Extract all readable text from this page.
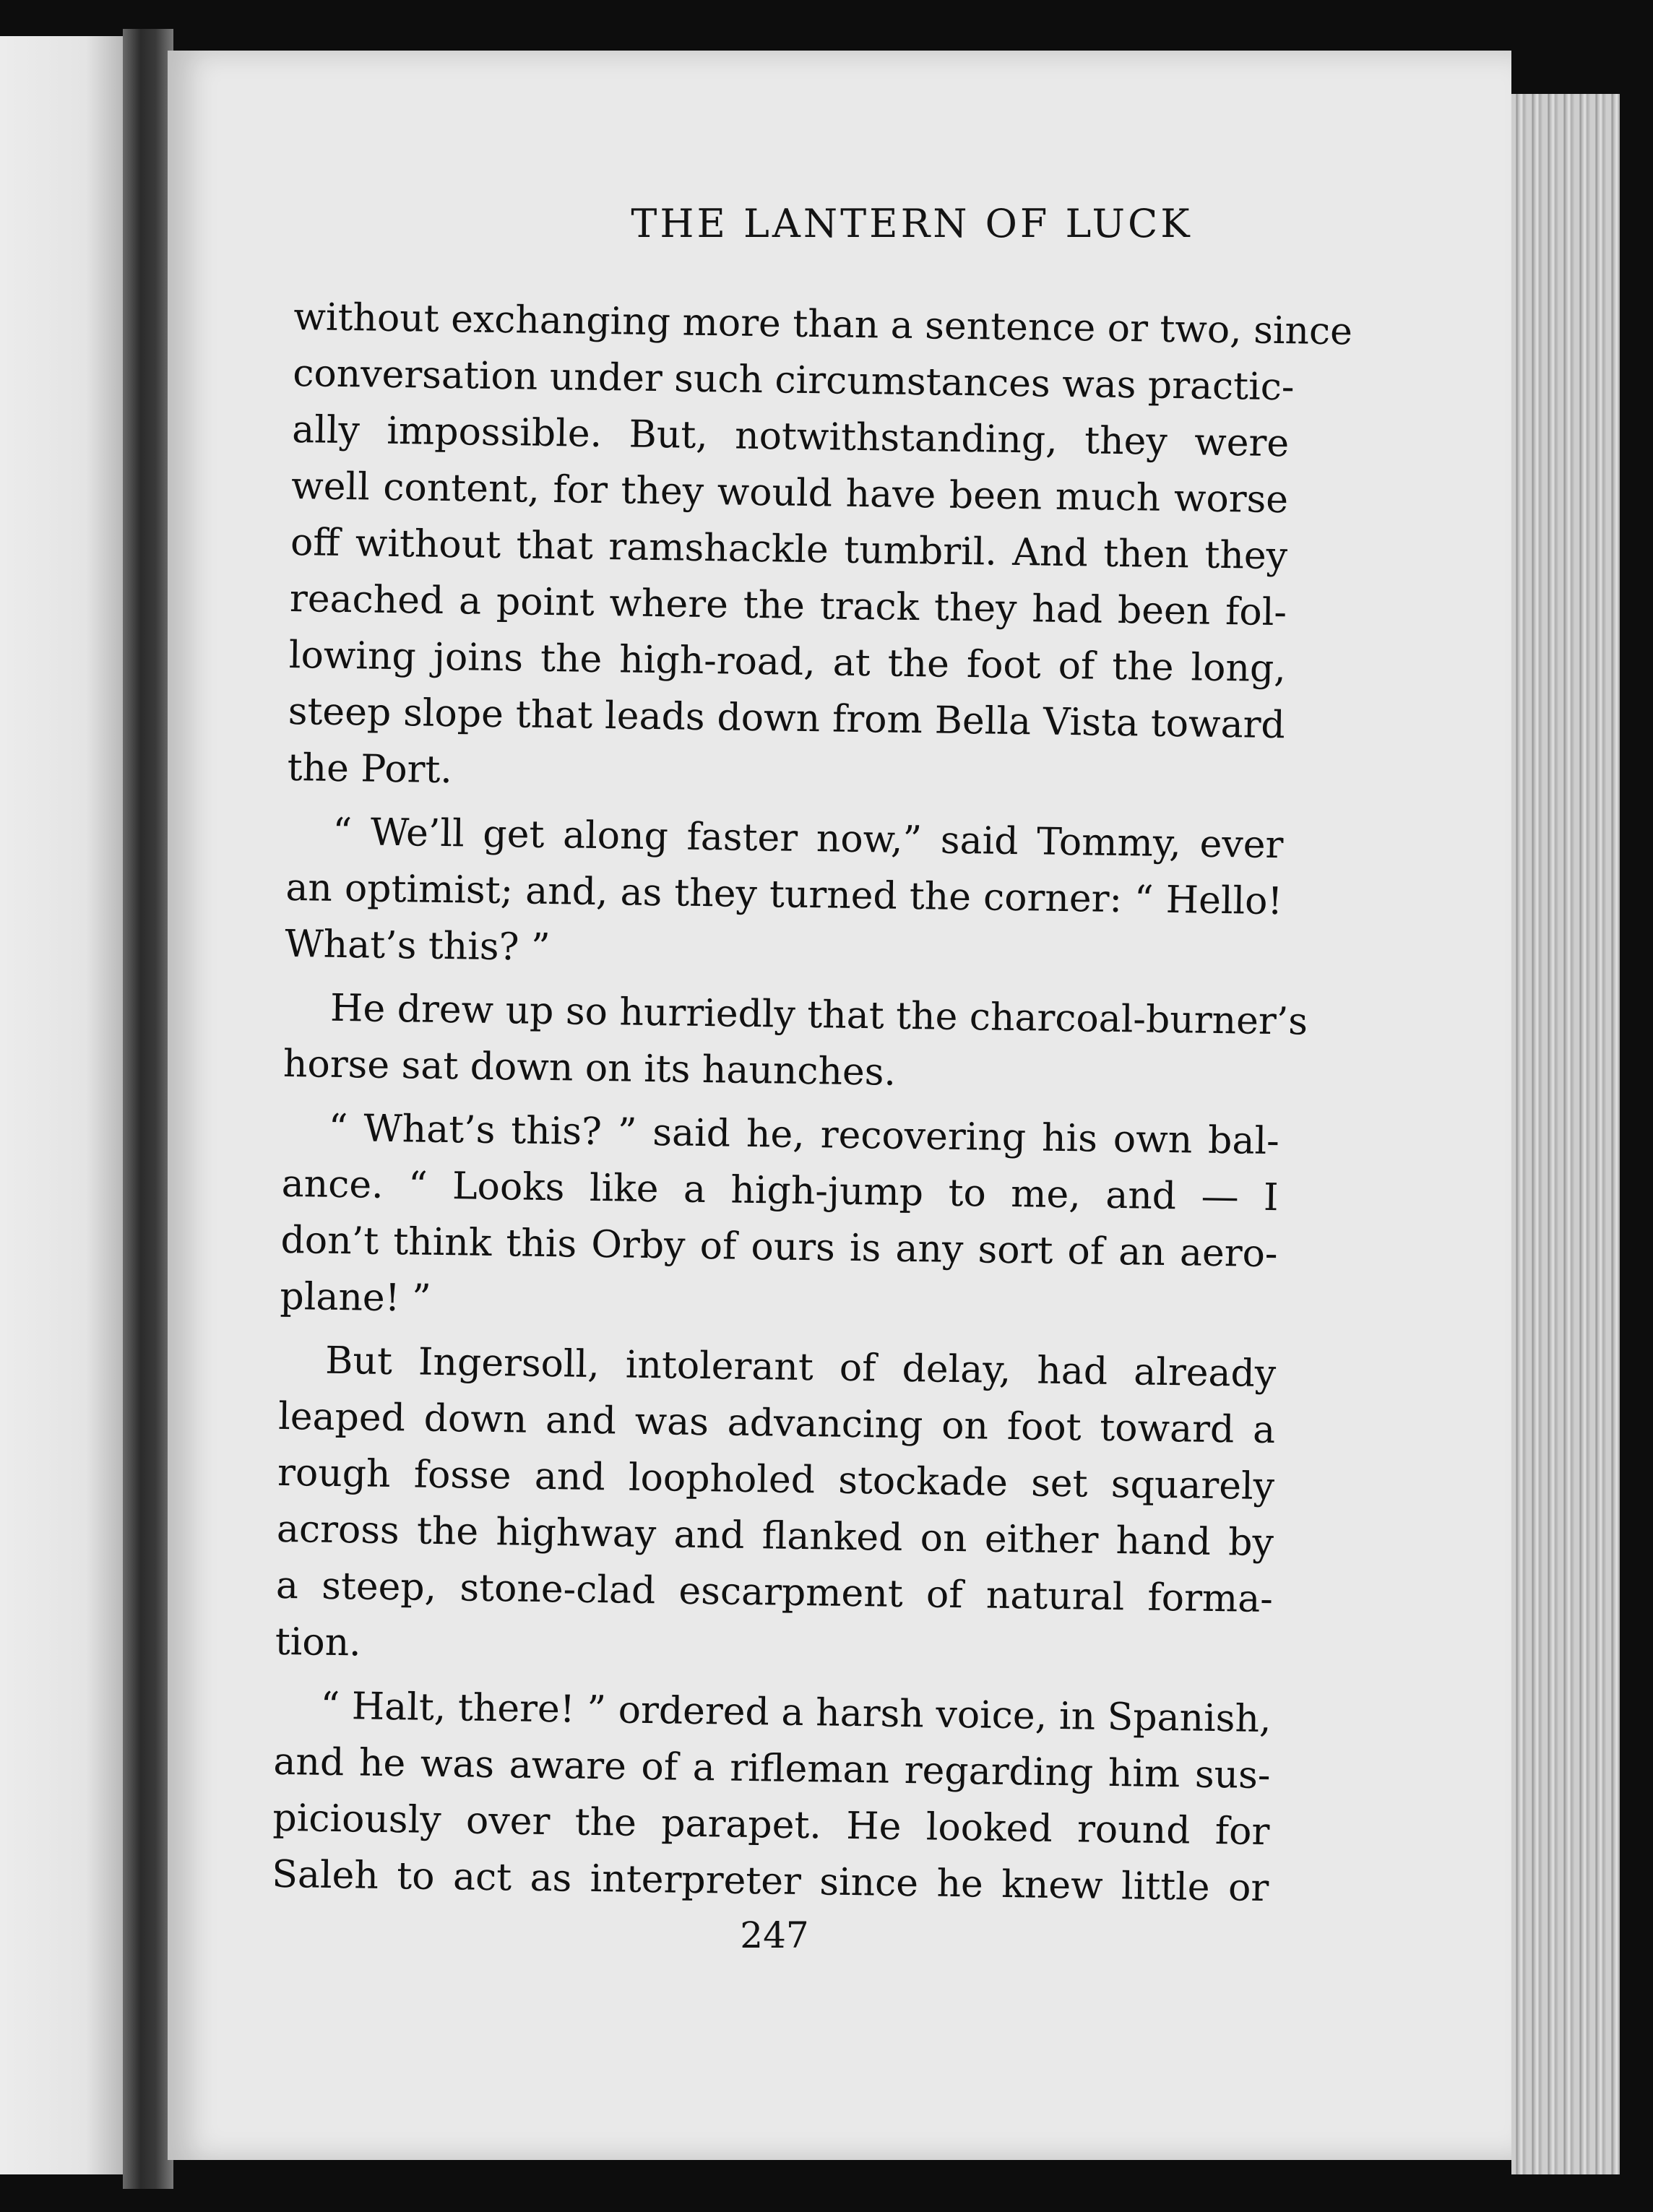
THE LANTERN OF LUCK
without exchanging more than a sentence or two, since
conversation under such circumstances was practic-
ally impossible. But, notwithstanding, they were
well content, for they would have been much worse
off without that ramshackle tumbril. And then they
reached a point where the track they had been fol-
lowing joins the high-road, at the foot of the long,
steep slope that leads down from Bella Vista toward
the Port.
“ We’ll get along faster now,” said Tommy, ever
an optimist; and, as they turned the corner: “ Hello!
What’s this? ”
He drew up so hurriedly that the charcoal-burner’s
horse sat down on its haunches.
“ What’s this? ” said he, recovering his own bal-
ance. “ Looks like a high-jump to me, and — I
don’t think this Orby of ours is any sort of an aero-
plane! ”
But Ingersoll, intolerant of delay, had already
leaped down and was advancing on foot toward a
rough fosse and loopholed stockade set squarely
across the highway and flanked on either hand by
a steep, stone-clad escarpment of natural forma-
tion.
“ Halt, there! ” ordered a harsh voice, in Spanish,
and he was aware of a rifleman regarding him sus-
piciously over the parapet. He looked round for
Saleh to act as interpreter since he knew little or
247
